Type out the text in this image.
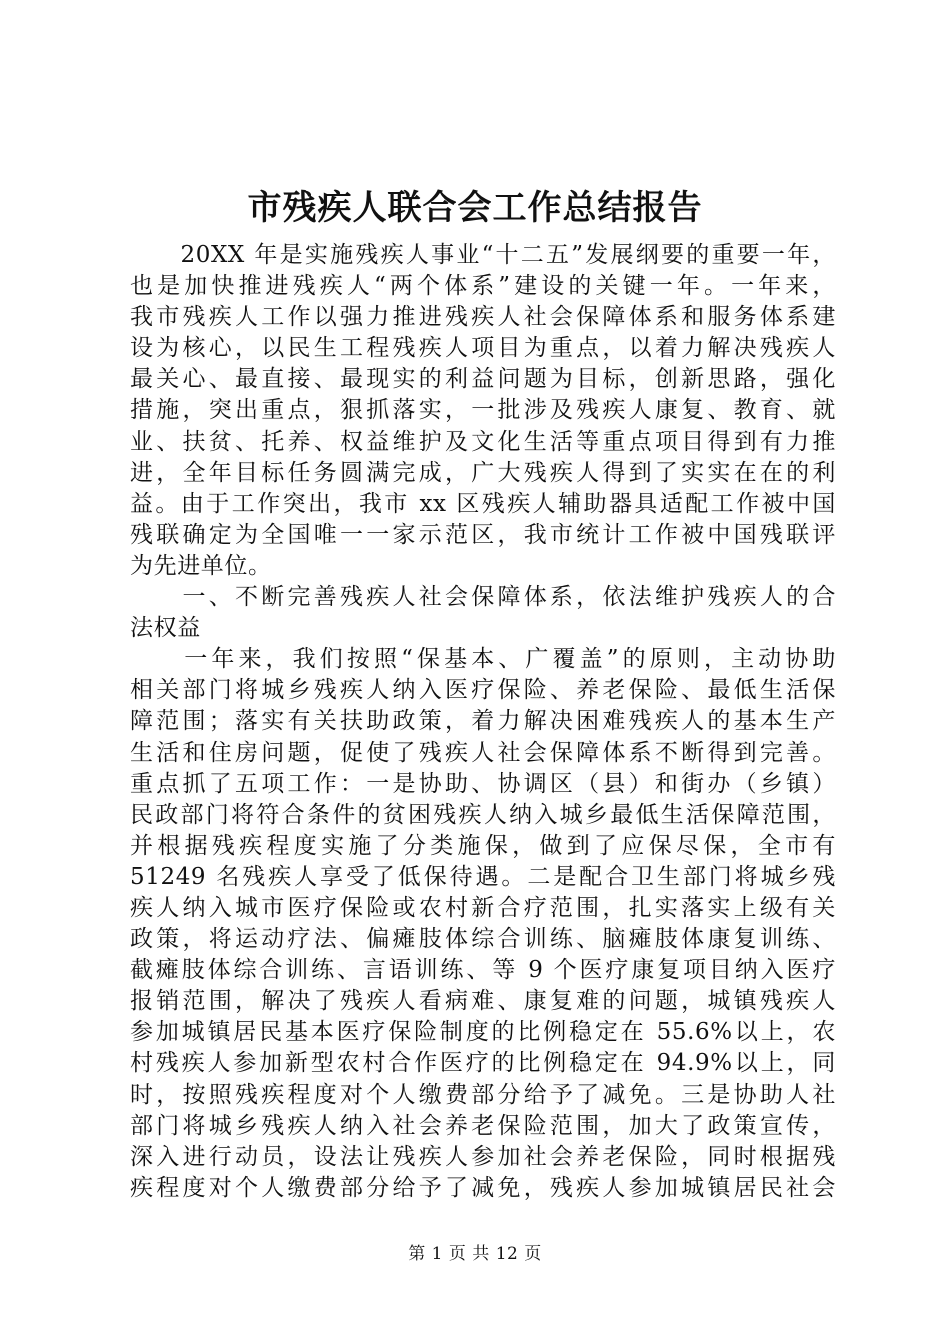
市残疾人联合会工作总结报告
　　20XX 年是实施残疾人事业“十二五”发展纲要的重要一年，
也是加快推进残疾人“两个体系”建设的关键一年。一年来，
我市残疾人工作以强力推进残疾人社会保障体系和服务体系建
设为核心，以民生工程残疾人项目为重点，以着力解决残疾人
最关心、最直接、最现实的利益问题为目标，创新思路，强化
措施，突出重点，狠抓落实，一批涉及残疾人康复、教育、就
业、扶贫、托养、权益维护及文化生活等重点项目得到有力推
进，全年目标任务圆满完成，广大残疾人得到了实实在在的利
益。由于工作突出，我市 xx 区残疾人辅助器具适配工作被中国
残联确定为全国唯一一家示范区，我市统计工作被中国残联评
为先进单位。
　　一、不断完善残疾人社会保障体系，依法维护残疾人的合
法权益
　　一年来，我们按照“保基本、广覆盖”的原则，主动协助
相关部门将城乡残疾人纳入医疗保险、养老保险、最低生活保
障范围；落实有关扶助政策，着力解决困难残疾人的基本生产
生活和住房问题，促使了残疾人社会保障体系不断得到完善。
重点抓了五项工作：一是协助、协调区（县）和街办（乡镇）
民政部门将符合条件的贫困残疾人纳入城乡最低生活保障范围，
并根据残疾程度实施了分类施保，做到了应保尽保，全市有
51249 名残疾人享受了低保待遇。二是配合卫生部门将城乡残
疾人纳入城市医疗保险或农村新合疗范围，扎实落实上级有关
政策，将运动疗法、偏瘫肢体综合训练、脑瘫肢体康复训练、
截瘫肢体综合训练、言语训练、等 9 个医疗康复项目纳入医疗
报销范围，解决了残疾人看病难、康复难的问题，城镇残疾人
参加城镇居民基本医疗保险制度的比例稳定在 55.6%以上，农
村残疾人参加新型农村合作医疗的比例稳定在 94.9%以上，同
时，按照残疾程度对个人缴费部分给予了减免。三是协助人社
部门将城乡残疾人纳入社会养老保险范围，加大了政策宣传，
深入进行动员，设法让残疾人参加社会养老保险，同时根据残
疾程度对个人缴费部分给予了减免，残疾人参加城镇居民社会
第 1 页 共 12 页
